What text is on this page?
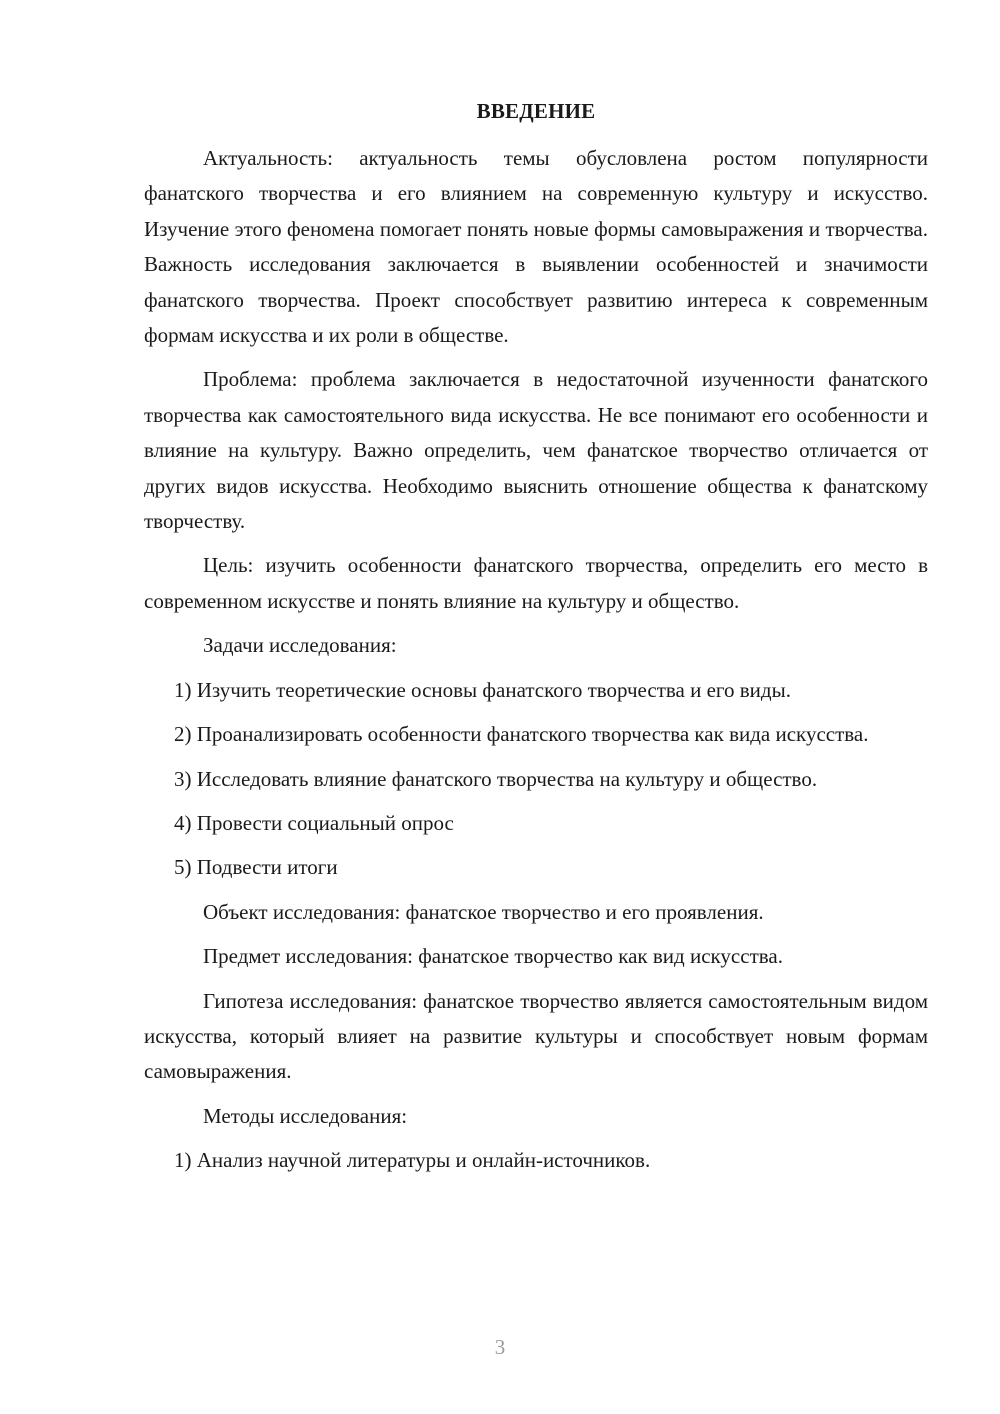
ВВЕДЕНИЕ

Актуальность: актуальность темы обусловлена ростом популярности фанатского творчества и его влиянием на современную культуру и искусство. Изучение этого феномена помогает понять новые формы самовыражения и творчества. Важность исследования заключается в выявлении особенностей и значимости фанатского творчества. Проект способствует развитию интереса к современным формам искусства и их роли в обществе.

Проблема: проблема заключается в недостаточной изученности фанатского творчества как самостоятельного вида искусства. Не все понимают его особенности и влияние на культуру. Важно определить, чем фанатское творчество отличается от других видов искусства. Необходимо выяснить отношение общества к фанатскому творчеству.

Цель: изучить особенности фанатского творчества, определить его место в современном искусстве и понять влияние на культуру и общество.

Задачи исследования:

1) Изучить теоретические основы фанатского творчества и его виды.

2) Проанализировать особенности фанатского творчества как вида искусства.

3) Исследовать влияние фанатского творчества на культуру и общество.

4) Провести социальный опрос

5) Подвести итоги

Объект исследования: фанатское творчество и его проявления.

Предмет исследования: фанатское творчество как вид искусства.

Гипотеза исследования: фанатское творчество является самостоятельным видом искусства, который влияет на развитие культуры и способствует новым формам самовыражения.

Методы исследования:

1) Анализ научной литературы и онлайн-источников.

3
